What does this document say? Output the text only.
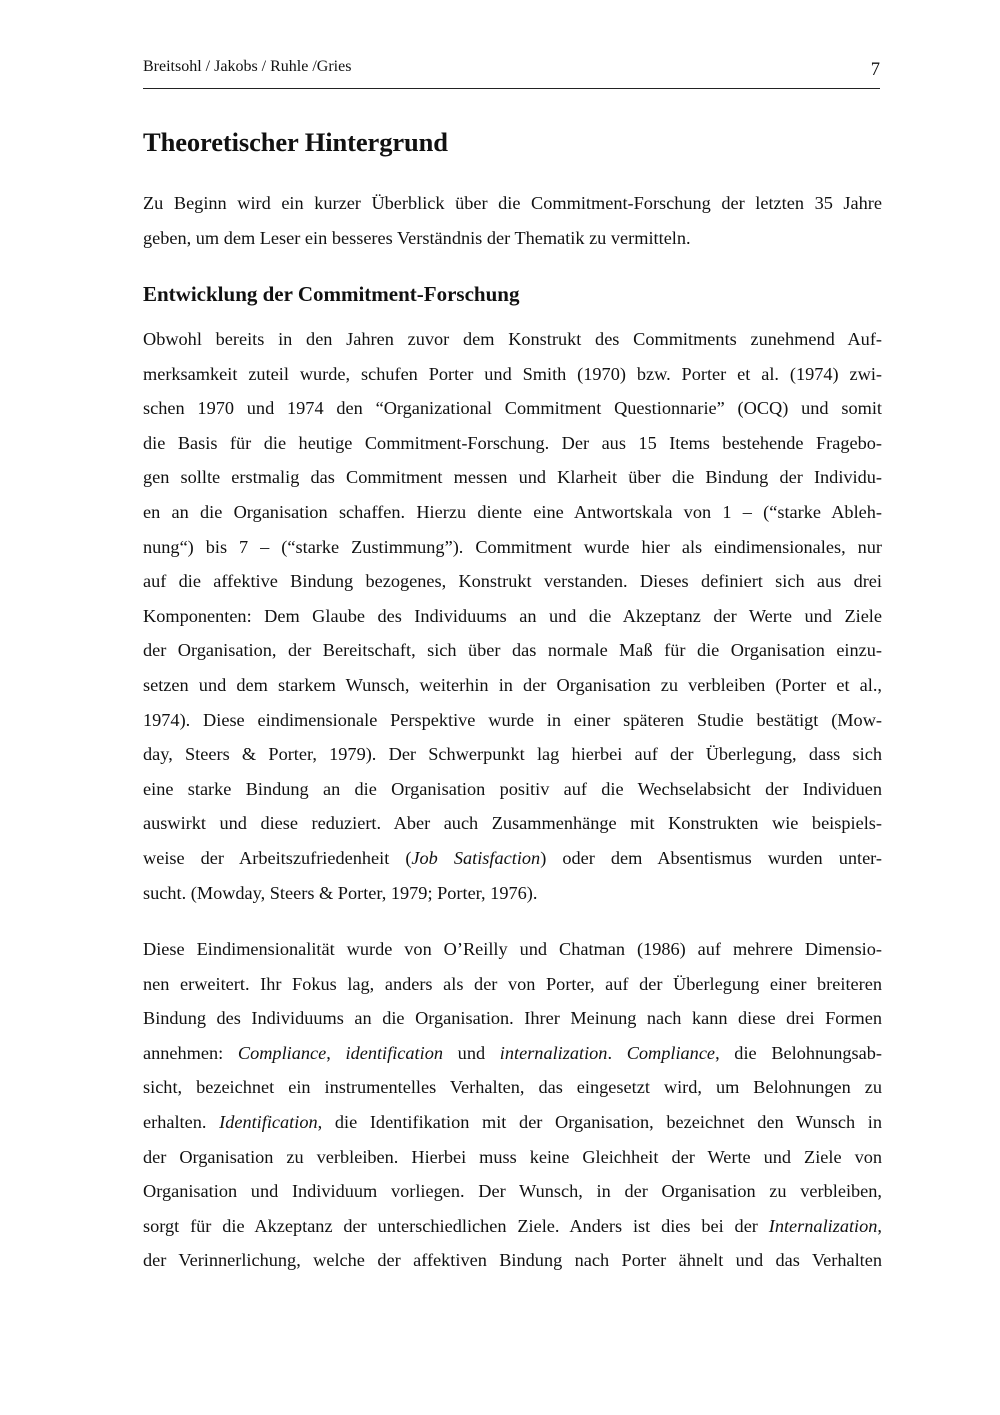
Breitsohl / Jakobs / Ruhle /Gries	7
Theoretischer Hintergrund

Zu Beginn wird ein kurzer Überblick über die Commitment-Forschung der letzten 35 Jahre
geben, um dem Leser ein besseres Verständnis der Thematik zu vermitteln.

Entwicklung der Commitment-Forschung

Obwohl bereits in den Jahren zuvor dem Konstrukt des Commitments zunehmend Auf-
merksamkeit zuteil wurde, schufen Porter und Smith (1970) bzw. Porter et al. (1974) zwi-
schen 1970 und 1974 den “Organizational Commitment Questionnarie” (OCQ) und somit
die Basis für die heutige Commitment-Forschung. Der aus 15 Items bestehende Fragebo-
gen sollte erstmalig das Commitment messen und Klarheit über die Bindung der Individu-
en an die Organisation schaffen. Hierzu diente eine Antwortskala von 1 – (“starke Ableh-
nung“) bis 7 – (“starke Zustimmung”). Commitment wurde hier als eindimensionales, nur
auf die affektive Bindung bezogenes, Konstrukt verstanden. Dieses definiert sich aus drei
Komponenten: Dem Glaube des Individuums an und die Akzeptanz der Werte und Ziele
der Organisation, der Bereitschaft, sich über das normale Maß für die Organisation einzu-
setzen und dem starkem Wunsch, weiterhin in der Organisation zu verbleiben (Porter et al.,
1974). Diese eindimensionale Perspektive wurde in einer späteren Studie bestätigt (Mow-
day, Steers & Porter, 1979). Der Schwerpunkt lag hierbei auf der Überlegung, dass sich
eine starke Bindung an die Organisation positiv auf die Wechselabsicht der Individuen
auswirkt und diese reduziert. Aber auch Zusammenhänge mit Konstrukten wie beispiels-
weise der Arbeitszufriedenheit (Job Satisfaction) oder dem Absentismus wurden unter-
sucht. (Mowday, Steers & Porter, 1979; Porter, 1976).

Diese Eindimensionalität wurde von O’Reilly und Chatman (1986) auf mehrere Dimensio-
nen erweitert. Ihr Fokus lag, anders als der von Porter, auf der Überlegung einer breiteren
Bindung des Individuums an die Organisation. Ihrer Meinung nach kann diese drei Formen
annehmen: Compliance, identification und internalization. Compliance, die Belohnungsab-
sicht, bezeichnet ein instrumentelles Verhalten, das eingesetzt wird, um Belohnungen zu
erhalten. Identification, die Identifikation mit der Organisation, bezeichnet den Wunsch in
der Organisation zu verbleiben. Hierbei muss keine Gleichheit der Werte und Ziele von
Organisation und Individuum vorliegen. Der Wunsch, in der Organisation zu verbleiben,
sorgt für die Akzeptanz der unterschiedlichen Ziele. Anders ist dies bei der Internalization,
der Verinnerlichung, welche der affektiven Bindung nach Porter ähnelt und das Verhalten
